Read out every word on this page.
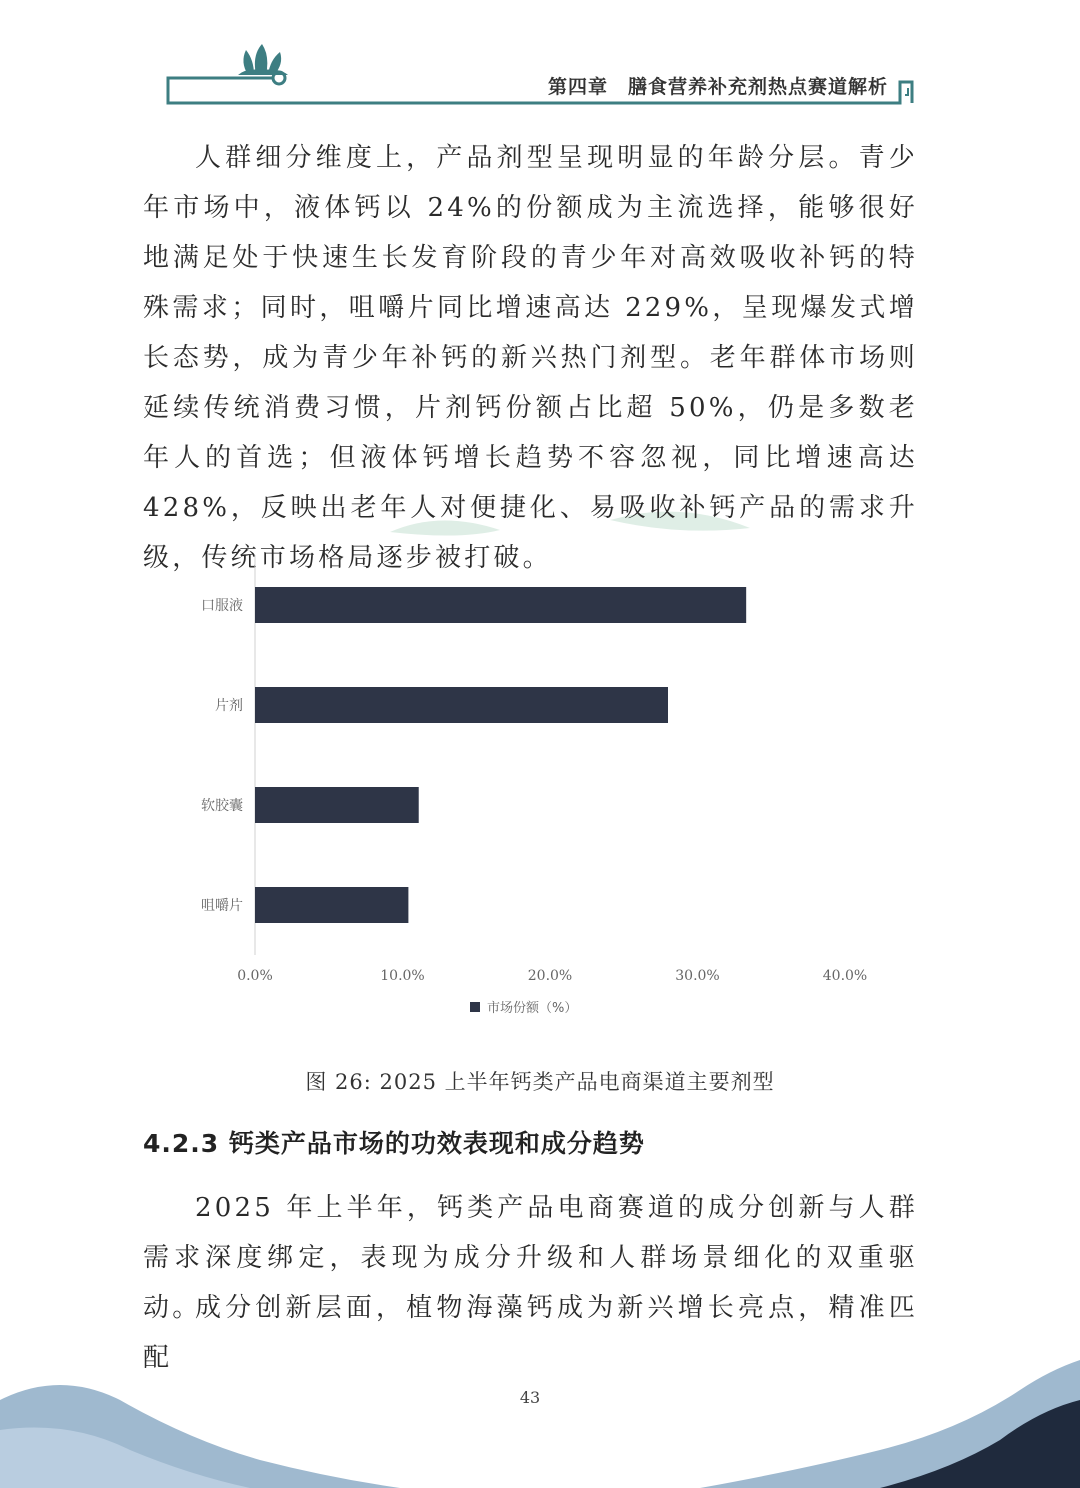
第四章　膳食营养补充剂热点赛道解析

人群细分维度上，产品剂型呈现明显的年龄分层。青少年市场中，液体钙以 24%的份额成为主流选择，能够很好地满足处于快速生长发育阶段的青少年对高效吸收补钙的特殊需求；同时，咀嚼片同比增速高达 229%，呈现爆发式增长态势，成为青少年补钙的新兴热门剂型。老年群体市场则延续传统消费习惯，片剂钙份额占比超 50%，仍是多数老年人的首选；但液体钙增长趋势不容忽视，同比增速高达 428%，反映出老年人对便捷化、易吸收补钙产品的需求升级，传统市场格局逐步被打破。

口服液
片剂
软胶囊
咀嚼片
0.0%	10.0%	20.0%	30.0%	40.0%
市场份额（%）
图 26: 2025 上半年钙类产品电商渠道主要剂型
4.2.3 钙类产品市场的功效表现和成分趋势

2025 年上半年，钙类产品电商赛道的成分创新与人群需求深度绑定，表现为成分升级和人群场景细化的双重驱动。

成分创新层面，植物海藻钙成为新兴增长亮点，精准匹配

43
